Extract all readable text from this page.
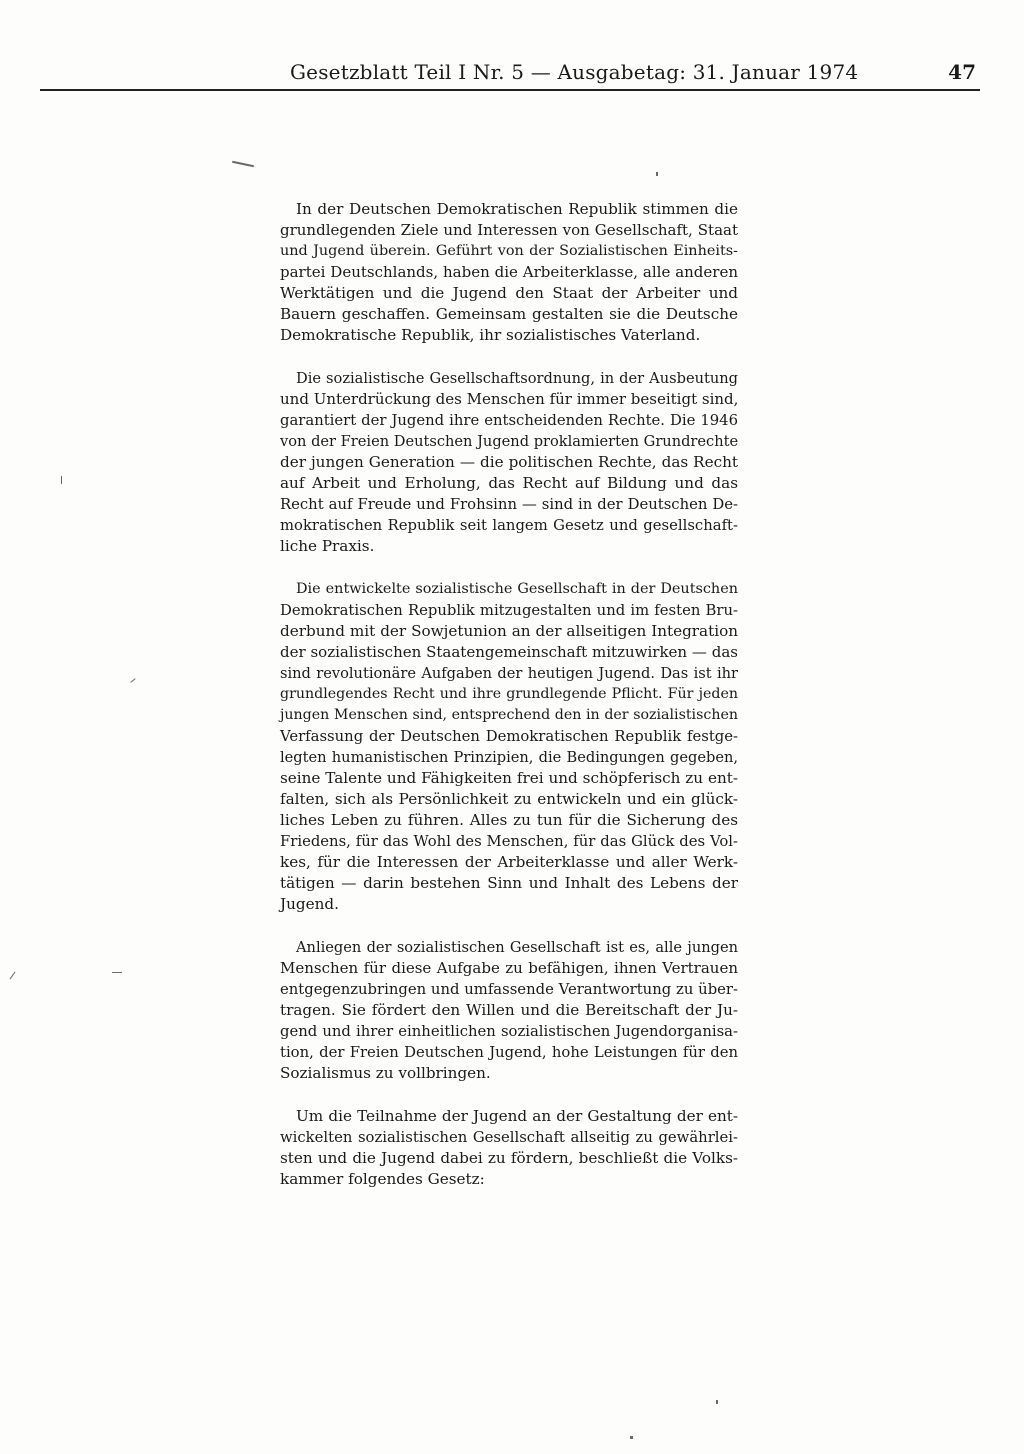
Gesetzblatt Teil I Nr. 5 — Ausgabetag: 31. Januar 1974	47
In der Deutschen Demokratischen Republik stimmen die
grundlegenden Ziele und Interessen von Gesellschaft, Staat
und Jugend überein. Geführt von der Sozialistischen Einheits-
partei Deutschlands, haben die Arbeiterklasse, alle anderen
Werktätigen und die Jugend den Staat der Arbeiter und
Bauern geschaffen. Gemeinsam gestalten sie die Deutsche
Demokratische Republik, ihr sozialistisches Vaterland.
Die sozialistische Gesellschaftsordnung, in der Ausbeutung
und Unterdrückung des Menschen für immer beseitigt sind,
garantiert der Jugend ihre entscheidenden Rechte. Die 1946
von der Freien Deutschen Jugend proklamierten Grundrechte
der jungen Generation — die politischen Rechte, das Recht
auf Arbeit und Erholung, das Recht auf Bildung und das
Recht auf Freude und Frohsinn — sind in der Deutschen De-
mokratischen Republik seit langem Gesetz und gesellschaft-
liche Praxis.
Die entwickelte sozialistische Gesellschaft in der Deutschen
Demokratischen Republik mitzugestalten und im festen Bru-
derbund mit der Sowjetunion an der allseitigen Integration
der sozialistischen Staatengemeinschaft mitzuwirken — das
sind revolutionäre Aufgaben der heutigen Jugend. Das ist ihr
grundlegendes Recht und ihre grundlegende Pflicht. Für jeden
jungen Menschen sind, entsprechend den in der sozialistischen
Verfassung der Deutschen Demokratischen Republik festge-
legten humanistischen Prinzipien, die Bedingungen gegeben,
seine Talente und Fähigkeiten frei und schöpferisch zu ent-
falten, sich als Persönlichkeit zu entwickeln und ein glück-
liches Leben zu führen. Alles zu tun für die Sicherung des
Friedens, für das Wohl des Menschen, für das Glück des Vol-
kes, für die Interessen der Arbeiterklasse und aller Werk-
tätigen — darin bestehen Sinn und Inhalt des Lebens der
Jugend.
Anliegen der sozialistischen Gesellschaft ist es, alle jungen
Menschen für diese Aufgabe zu befähigen, ihnen Vertrauen
entgegenzubringen und umfassende Verantwortung zu über-
tragen. Sie fördert den Willen und die Bereitschaft der Ju-
gend und ihrer einheitlichen sozialistischen Jugendorganisa-
tion, der Freien Deutschen Jugend, hohe Leistungen für den
Sozialismus zu vollbringen.
Um die Teilnahme der Jugend an der Gestaltung der ent-
wickelten sozialistischen Gesellschaft allseitig zu gewährlei-
sten und die Jugend dabei zu fördern, beschließt die Volks-
kammer folgendes Gesetz:
